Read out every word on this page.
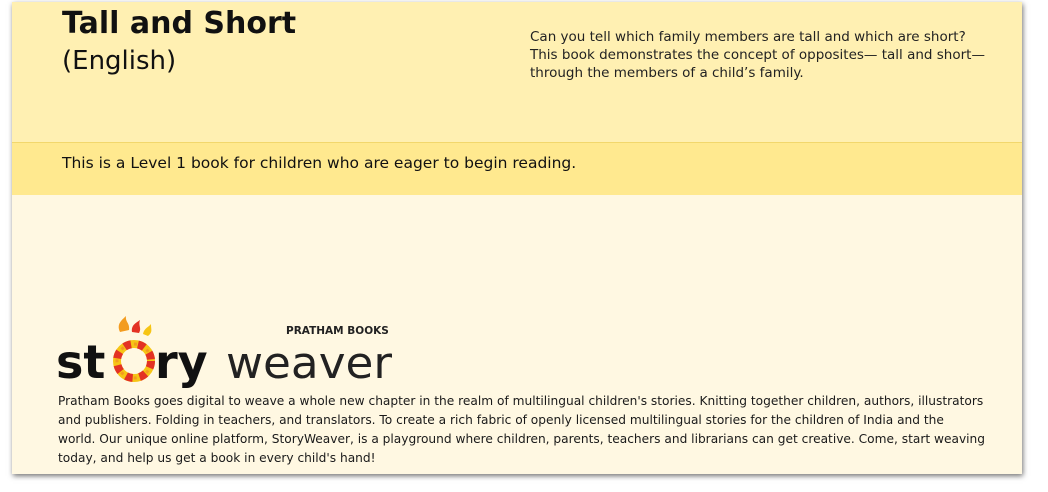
Tall and Short
(English)
Can you tell which family members are tall and which are short?
This book demonstrates the concept of opposites— tall and short—
through the members of a child’s family.
This is a Level 1 book for children who are eager to begin reading.
PRATHAM BOOKS
st ry weaver
Pratham Books goes digital to weave a whole new chapter in the realm of multilingual children's stories. Knitting together children, authors, illustrators
and publishers. Folding in teachers, and translators. To create a rich fabric of openly licensed multilingual stories for the children of India and the
world. Our unique online platform, StoryWeaver, is a playground where children, parents, teachers and librarians can get creative. Come, start weaving
today, and help us get a book in every child's hand!
